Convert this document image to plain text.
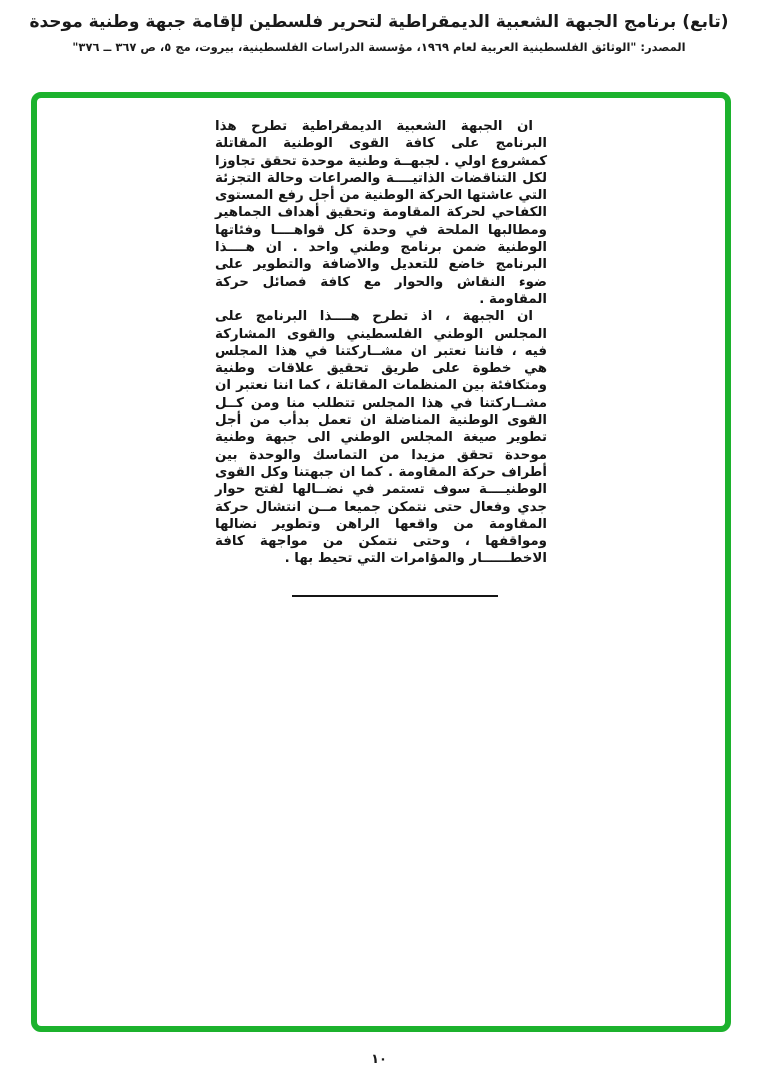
(تابع) برنامج الجبهة الشعبية الديمقراطية لتحرير فلسطين لإقامة جبهة وطنية موحدة
المصدر: "الوثائق الفلسطينية العربية لعام ١٩٦٩، مؤسسة الدراسات الفلسطينية، بيروت، مج ٥، ص ٣٦٧ ــ ٣٧٦"

ان الجبهة الشعبية الديمقراطية تطرح هذا البرنامج على كافة القوى الوطنية المقاتلة كمشروع اولي . لجبهــة وطنية موحدة تحقق تجاوزا لكل التناقضات الذاتيــــة والصراعات وحالة التجزئة التي عاشتها الحركة الوطنية من أجل رفع المستوى الكفاحي لحركة المقاومة وتحقيق أهداف الجماهير ومطالبها الملحة في وحدة كل قواهــــا وفئاتها الوطنية ضمن برنامج وطني واحد . ان هــــذا البرنامج خاضع للتعديل والاضافة والتطوير على ضوء النقاش والحوار مع كافة فصائل حركة المقاومة .

ان الجبهة ، اذ تطرح هــــذا البرنامج على المجلس الوطني الفلسطيني والقوى المشاركة فيه ، فاننا نعتبر ان مشــاركتنا في هذا المجلس هي خطوة على طريق تحقيق علاقات وطنية ومتكافئة بين المنظمات المقاتلة ، كما اننا نعتبر ان مشــاركتنا في هذا المجلس تتطلب منا ومن كــل القوى الوطنية المناضلة ان تعمل بدأب من أجل تطوير صيغة المجلس الوطني الى جبهة وطنية موحدة تحقق مزيدا من التماسك والوحدة بين أطراف حركة المقاومة . كما ان جبهتنا وكل القوى الوطنيــــة سوف تستمر في نضــالها لفتح حوار جدي وفعال حتى نتمكن جميعا مــن انتشال حركة المقاومة من واقعها الراهن وتطوير نضالها ومواقفها ، وحتى نتمكن من مواجهة كافة الاخطــــــار والمؤامرات التي تحيط بها .

١٠
